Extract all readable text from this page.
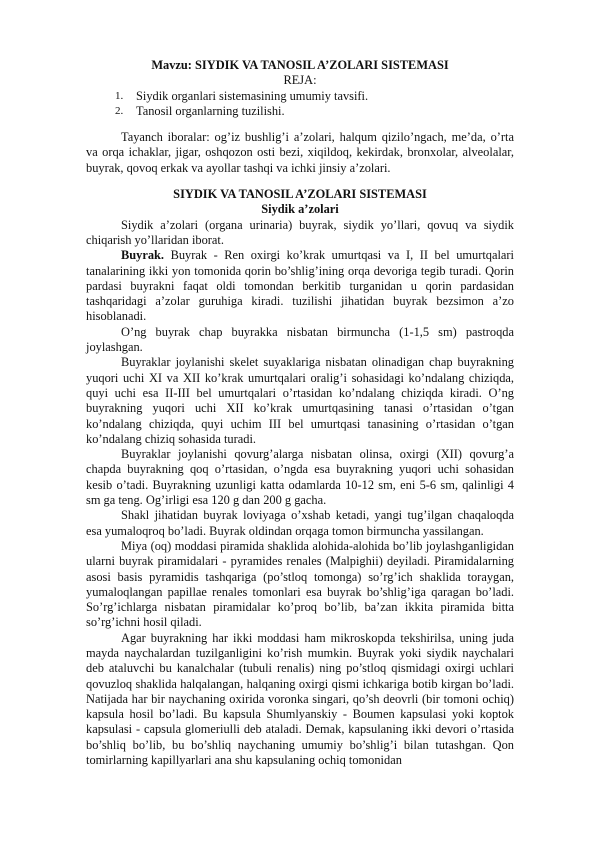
Mavzu: SIYDIK VA TANOSIL A’ZOLARI SISTEMASI
REJA:
1. Siydik organlari sistemasining umumiy tavsifi.
2. Tanosil organlarning tuzilishi.

Tayanch iboralar: og’iz bushlig’i a’zolari, halqum qizilo’ngach, me’da, o’rta va orqa ichaklar, jigar, oshqozon osti bezi, xiqildoq, kekirdak, bronxolar, alveolalar, buyrak, qovoq erkak va ayollar tashqi va ichki jinsiy a’zolari.

SIYDIK VA TANOSIL A’ZOLARI SISTEMASI
Siydik a’zolari

Siydik a’zolari (organa urinaria) buyrak, siydik yo’llari, qovuq va siydik chiqarish yo’llaridan iborat.

Buyrak. Buyrak - Ren oxirgi ko’krak umurtqasi va I, II bel umurtqalari tanalarining ikki yon tomonida qorin bo’shlig’ining orqa devoriga tegib turadi. Qorin pardasi buyrakni faqat oldi tomondan berkitib turganidan u qorin pardasidan tashqaridagi a’zolar guruhiga kiradi. tuzilishi jihatidan buyrak bezsimon a’zo hisoblanadi.

O’ng buyrak chap buyrakka nisbatan birmuncha (1-1,5 sm) pastroqda joylashgan.

Buyraklar joylanishi skelet suyaklariga nisbatan olinadigan chap buyrakning yuqori uchi XI va XII ko’krak umurtqalari oralig’i sohasidagi ko’ndalang chiziqda, quyi uchi esa II-III bel umurtqalari o’rtasidan ko’ndalang chiziqda kiradi. O’ng buyrakning yuqori uchi XII ko’krak umurtqasining tanasi o’rtasidan o’tgan ko’ndalang chiziqda, quyi uchim III bel umurtqasi tanasining o’rtasidan o’tgan ko’ndalang chiziq sohasida turadi.

Buyraklar joylanishi qovurg’alarga nisbatan olinsa, oxirgi (XII) qovurg’a chapda buyrakning qoq o’rtasidan, o’ngda esa buyrakning yuqori uchi sohasidan kesib o’tadi. Buyrakning uzunligi katta odamlarda 10-12 sm, eni 5-6 sm, qalinligi 4 sm ga teng. Og’irligi esa 120 g dan 200 g gacha.

Shakl jihatidan buyrak loviyaga o’xshab ketadi, yangi tug’ilgan chaqaloqda esa yumaloqroq bo’ladi. Buyrak oldindan orqaga tomon birmuncha yassilangan.

Miya (oq) moddasi piramida shaklida alohida-alohida bo’lib joylashganligidan ularni buyrak piramidalari - pyramides renales (Malpighii) deyiladi. Piramidalarning asosi basis pyramidis tashqariga (po’stloq tomonga) so’rg’ich shaklida toraygan, yumaloqlangan papillae renales tomonlari esa buyrak bo’shlig’iga qaragan bo’ladi. So’rg’ichlarga nisbatan piramidalar ko’proq bo’lib, ba’zan ikkita piramida bitta so’rg’ichni hosil qiladi.

Agar buyrakning har ikki moddasi ham mikroskopda tekshirilsa, uning juda mayda naychalardan tuzilganligini ko’rish mumkin. Buyrak yoki siydik naychalari deb ataluvchi bu kanalchalar (tubuli renalis) ning po’stloq qismidagi oxirgi uchlari qovuzloq shaklida halqalangan, halqaning oxirgi qismi ichkariga botib kirgan bo’ladi. Natijada har bir naychaning oxirida voronka singari, qo’sh deovrli (bir tomoni ochiq) kapsula hosil bo’ladi. Bu kapsula Shumlyanskiy - Boumen kapsulasi yoki koptok kapsulasi - capsula glomeriulli deb ataladi. Demak, kapsulaning ikki devori o’rtasida bo’shliq bo’lib, bu bo’shliq naychaning umumiy bo’shlig’i bilan tutashgan. Qon tomirlarning kapillyarlari ana shu kapsulaning ochiq tomonidan
